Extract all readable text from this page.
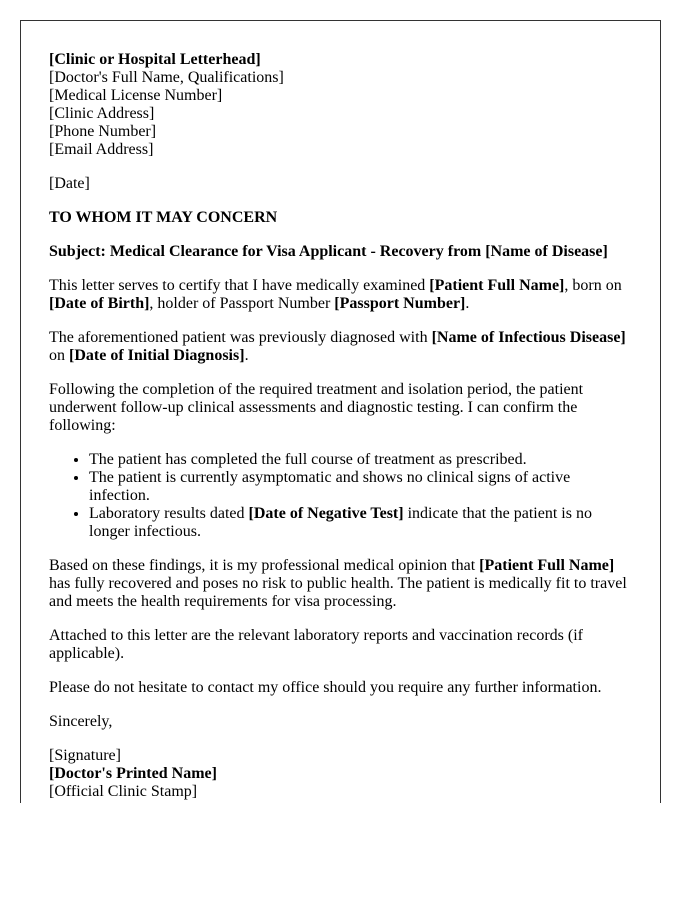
[Clinic or Hospital Letterhead]
[Doctor's Full Name, Qualifications]
[Medical License Number]
[Clinic Address]
[Phone Number]
[Email Address]

[Date]

TO WHOM IT MAY CONCERN

Subject: Medical Clearance for Visa Applicant - Recovery from [Name of Disease]

This letter serves to certify that I have medically examined [Patient Full Name], born on [Date of Birth], holder of Passport Number [Passport Number].

The aforementioned patient was previously diagnosed with [Name of Infectious Disease] on [Date of Initial Diagnosis].

Following the completion of the required treatment and isolation period, the patient underwent follow-up clinical assessments and diagnostic testing. I can confirm the following:

• The patient has completed the full course of treatment as prescribed.
• The patient is currently asymptomatic and shows no clinical signs of active infection.
• Laboratory results dated [Date of Negative Test] indicate that the patient is no longer infectious.

Based on these findings, it is my professional medical opinion that [Patient Full Name] has fully recovered and poses no risk to public health. The patient is medically fit to travel and meets the health requirements for visa processing.

Attached to this letter are the relevant laboratory reports and vaccination records (if applicable).

Please do not hesitate to contact my office should you require any further information.

Sincerely,

[Signature]
[Doctor's Printed Name]
[Official Clinic Stamp]
